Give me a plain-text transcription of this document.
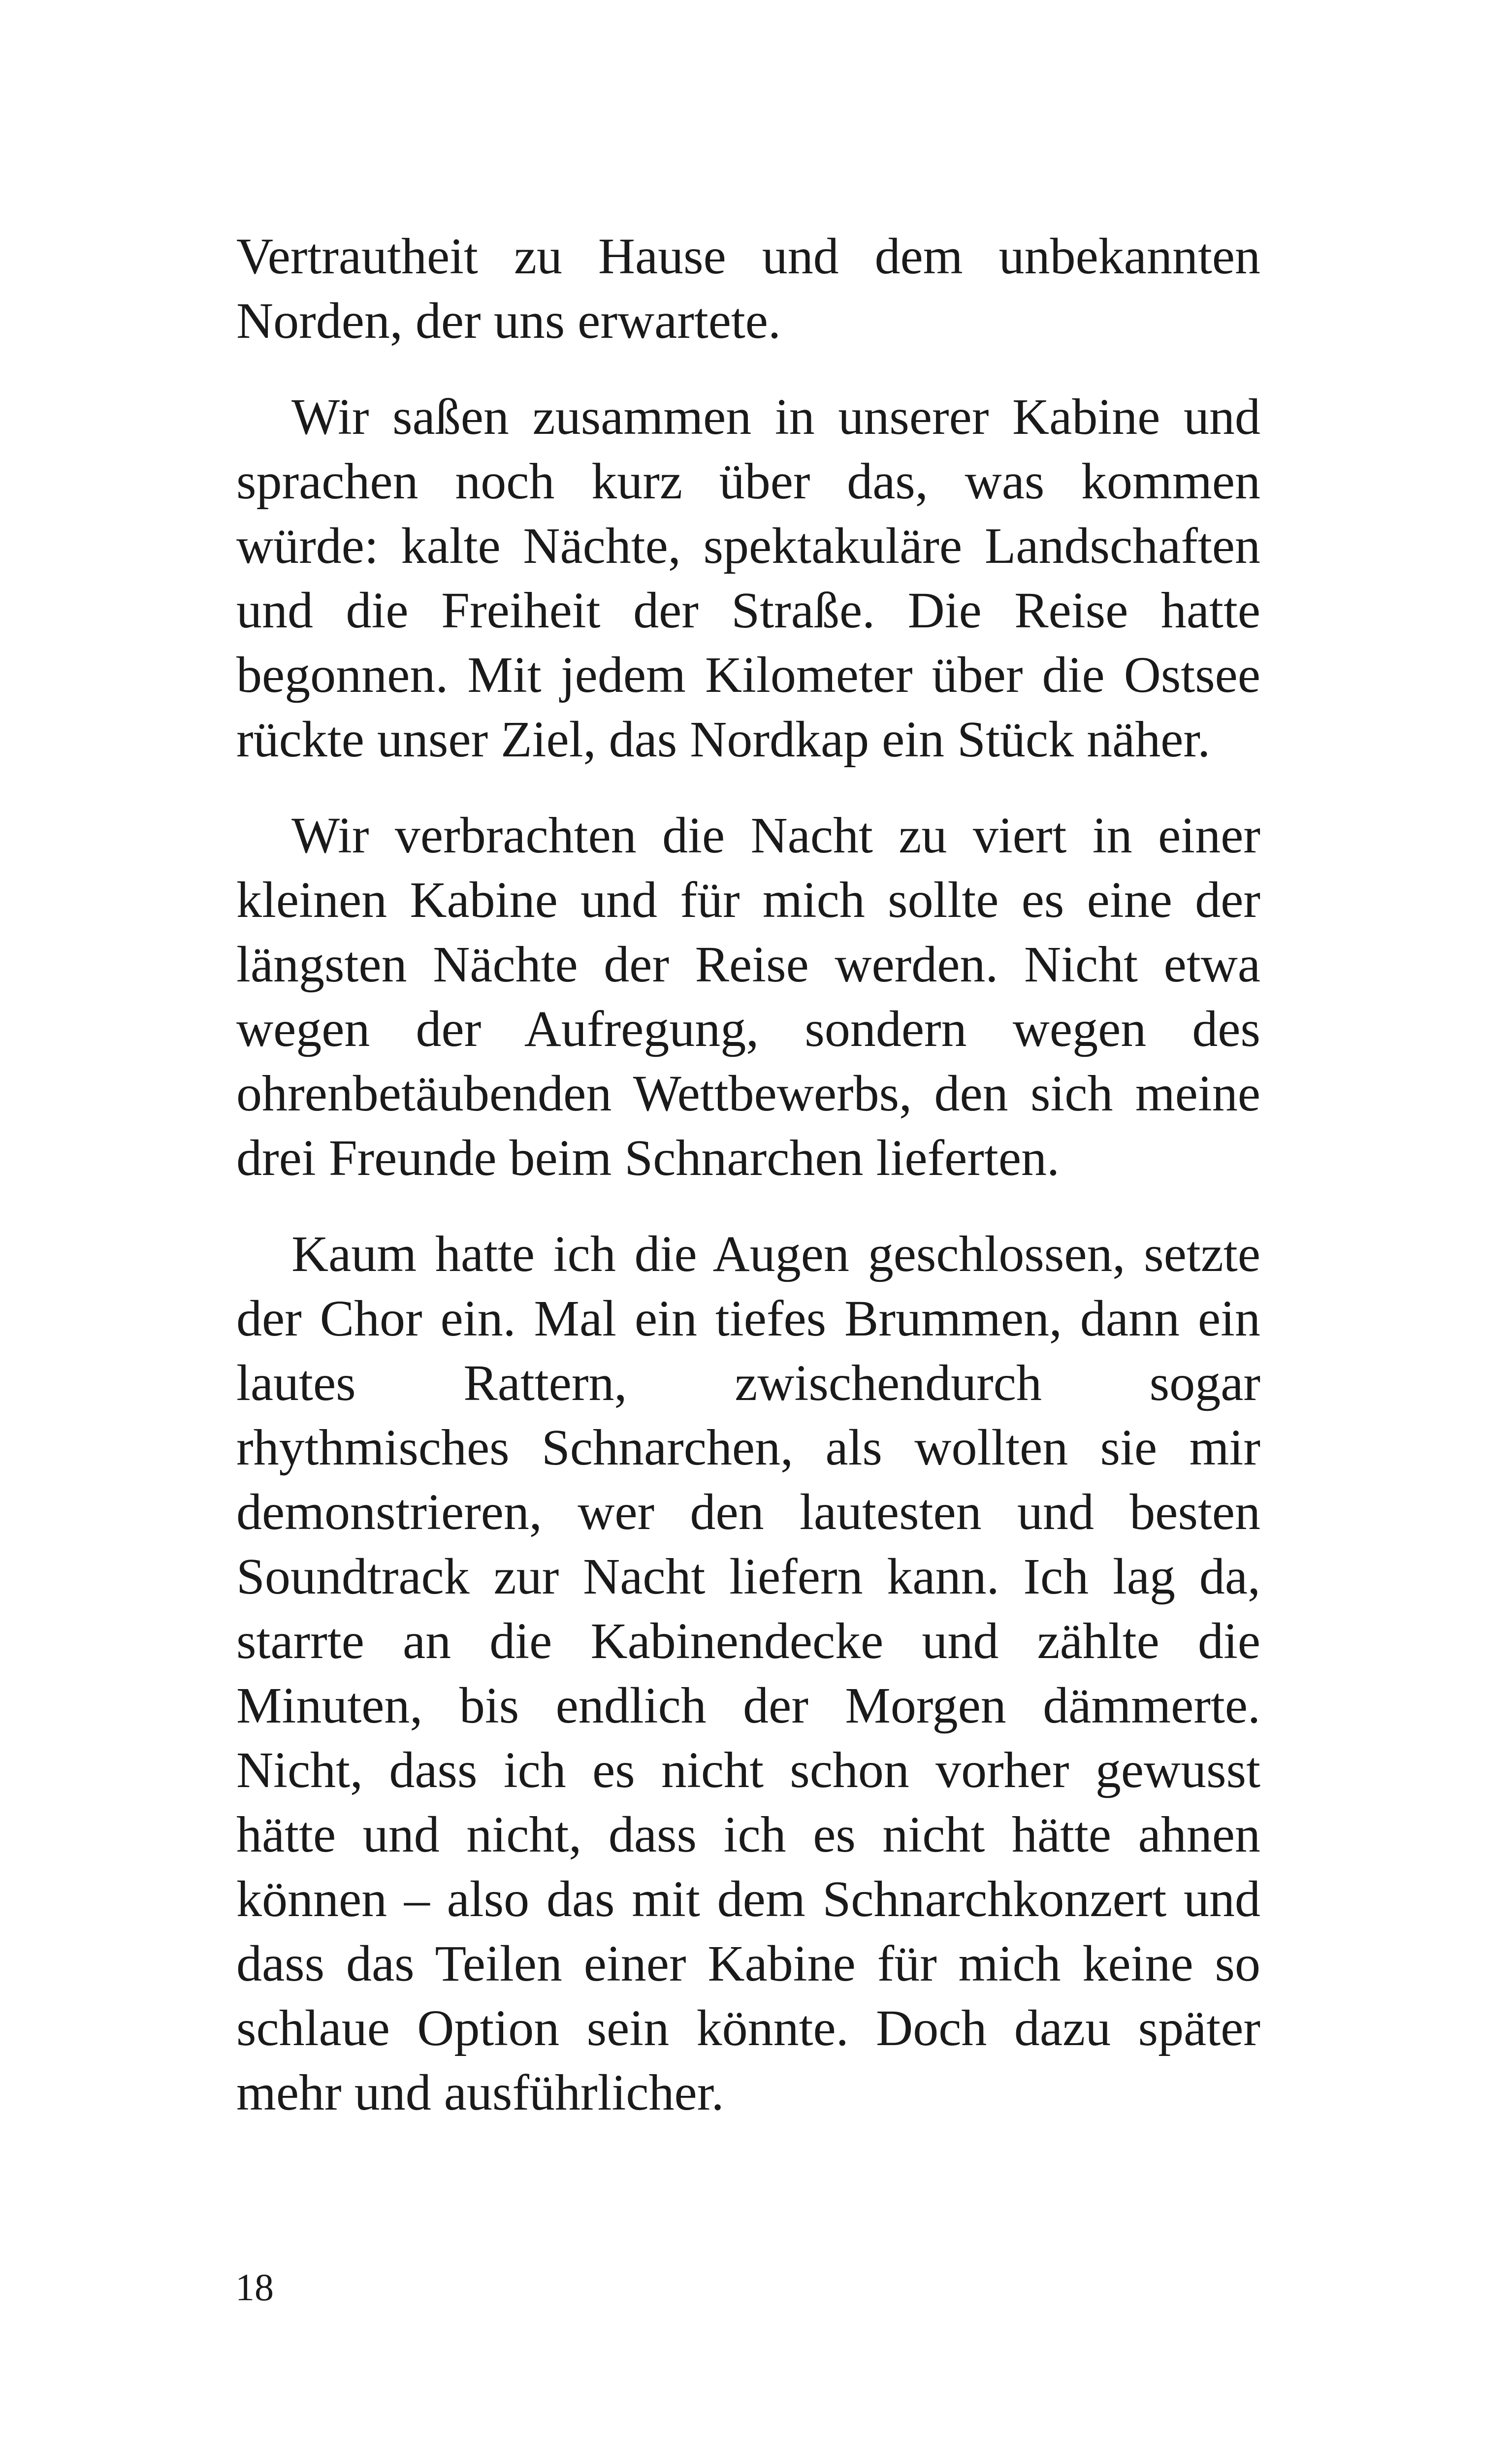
Vertrautheit zu Hause und dem unbekannten Norden, der uns erwartete.

Wir saßen zusammen in unserer Kabine und sprachen noch kurz über das, was kommen würde: kalte Nächte, spektakuläre Landschaften und die Freiheit der Straße. Die Reise hatte begonnen. Mit jedem Kilometer über die Ostsee rückte unser Ziel, das Nordkap ein Stück näher.

Wir verbrachten die Nacht zu viert in einer kleinen Kabine und für mich sollte es eine der längsten Nächte der Reise werden. Nicht etwa wegen der Aufregung, sondern wegen des ohrenbetäubenden Wettbewerbs, den sich meine drei Freunde beim Schnarchen lieferten.

Kaum hatte ich die Augen geschlossen, setzte der Chor ein. Mal ein tiefes Brummen, dann ein lautes Rattern, zwischendurch sogar rhythmisches Schnarchen, als wollten sie mir demonstrieren, wer den lautesten und besten Soundtrack zur Nacht liefern kann. Ich lag da, starrte an die Kabinendecke und zählte die Minuten, bis endlich der Morgen dämmerte. Nicht, dass ich es nicht schon vorher gewusst hätte und nicht, dass ich es nicht hätte ahnen können – also das mit dem Schnarchkonzert und dass das Teilen einer Kabine für mich keine so schlaue Option sein könnte. Doch dazu später mehr und ausführlicher.

18
